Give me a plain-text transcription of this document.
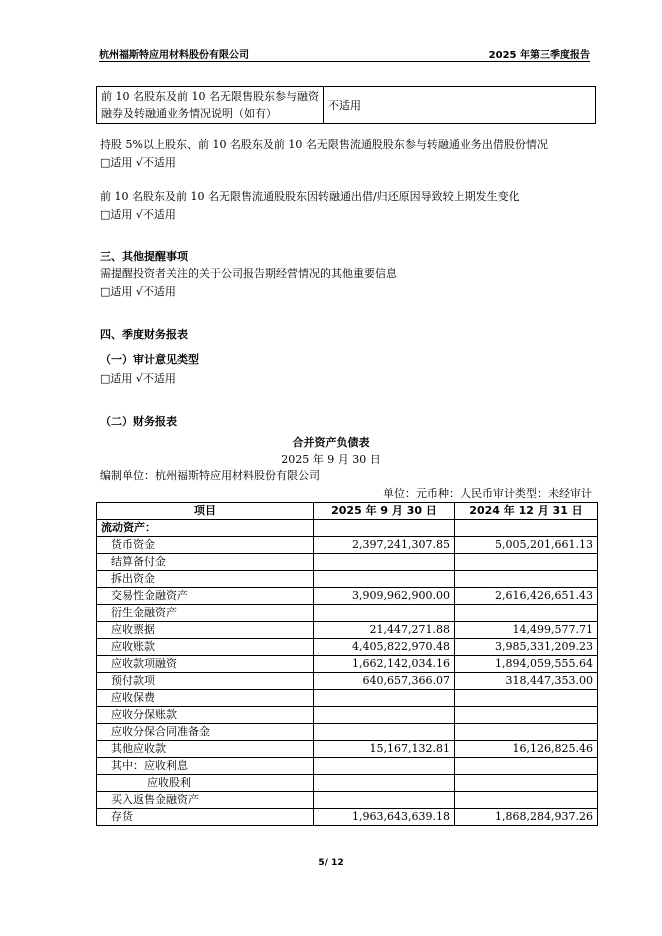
杭州福斯特应用材料股份有限公司	2025 年第三季度报告
前 10 名股东及前 10 名无限售股东参与融资融券及转融通业务情况说明（如有）	不适用
持股 5%以上股东、前 10 名股东及前 10 名无限售流通股股东参与转融通业务出借股份情况
□适用 √不适用
前 10 名股东及前 10 名无限售流通股股东因转融通出借/归还原因导致较上期发生变化
□适用 √不适用
三、其他提醒事项
需提醒投资者关注的关于公司报告期经营情况的其他重要信息
□适用 √不适用
四、季度财务报表
（一）审计意见类型
□适用 √不适用
（二）财务报表
合并资产负债表
2025 年 9 月 30 日
编制单位：杭州福斯特应用材料股份有限公司
单位：元币种：人民币审计类型：未经审计
项目	2025 年 9 月 30 日	2024 年 12 月 31 日
流动资产：		
货币资金	2,397,241,307.85	5,005,201,661.13
结算备付金		
拆出资金		
交易性金融资产	3,909,962,900.00	2,616,426,651.43
衍生金融资产		
应收票据	21,447,271.88	14,499,577.71
应收账款	4,405,822,970.48	3,985,331,209.23
应收款项融资	1,662,142,034.16	1,894,059,555.64
预付款项	640,657,366.07	318,447,353.00
应收保费		
应收分保账款		
应收分保合同准备金		
其他应收款	15,167,132.81	16,126,825.46
其中：应收利息		
应收股利		
买入返售金融资产		
存货	1,963,643,639.18	1,868,284,937.26
5/ 12
